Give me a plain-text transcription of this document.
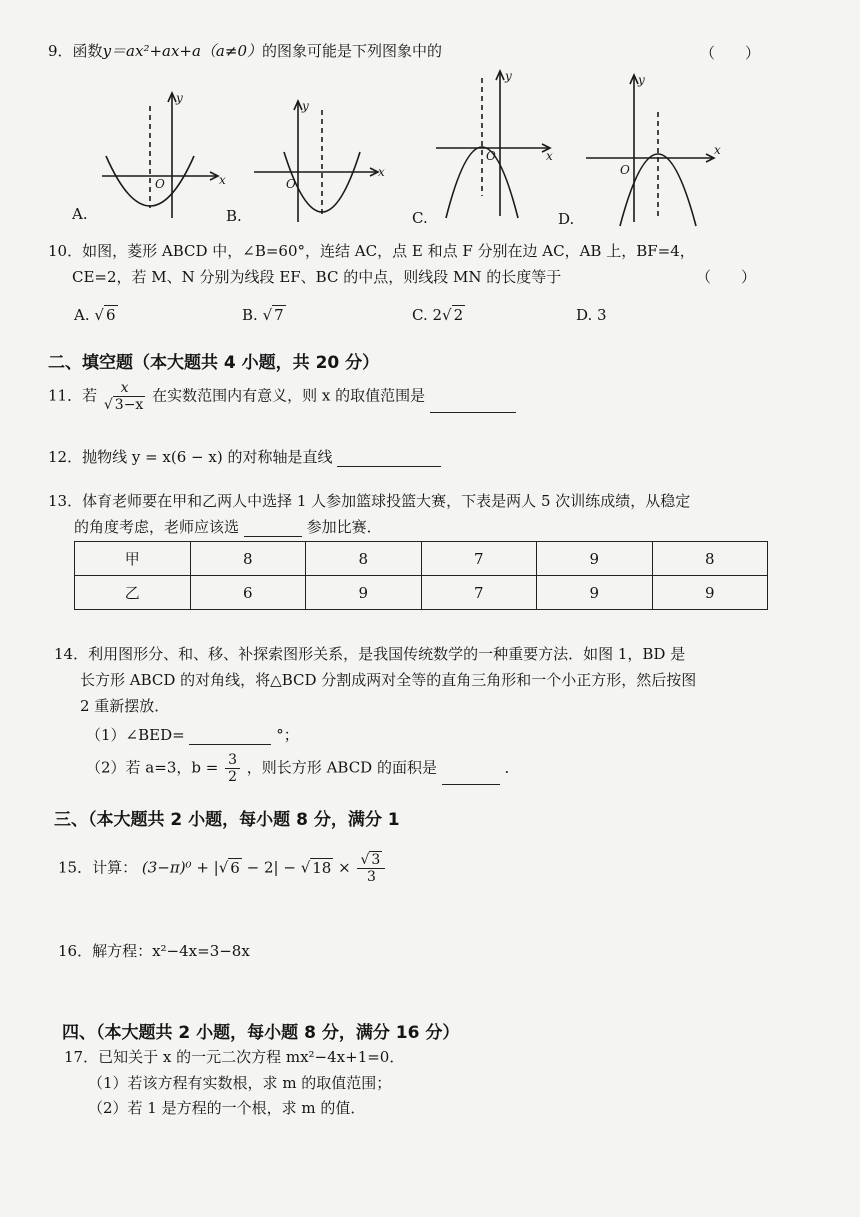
9．函数y＝ax²+ax+a（a≠0）的图象可能是下列图象中的	（　　）
x
y
O
A.
x
y
O
B.
x
y
O
C.
x
y
O
D.
10．如图，菱形 ABCD 中，∠B=60°，连结 AC，点 E 和点 F 分别在边 AC，AB 上，BF=4，
CE=2，若 M、N 分别为线段 EF、BC 的中点，则线段 MN 的长度等于	（　　）
A. √ 6	B. √ 7	C. 2√ 2	D. 3
二、填空题（本大题共 4 小题，共 20 分）
11．若 $\frac{x}{√ 3-x}$ 在实数范围内有意义，则 x 的取值范围是
12．抛物线 y = x(6 − x) 的对称轴是直线
13．体育老师要在甲和乙两人中选择 1 人参加篮球投篮大赛，下表是两人 5 次训练成绩，从稳定
的角度考虑，老师应该选	参加比赛．
甲	8	8	7	9	8
乙	6	9	7	9	9
14．利用图形分、和、移、补探索图形关系，是我国传统数学的一种重要方法．如图 1，BD 是
长方形 ABCD 的对角线，将△BCD 分割成两对全等的直角三角形和一个小正方形，然后按图
2 重新摆放．
（1）∠BED=	°；
（2）若 a=3，$b = \frac{3}{2}$ ，则长方形 ABCD 的面积是	．
三、（本大题共 2 小题，每小题 8 分，满分 1
15．计算： (3−π)⁰ + |√ 6 − 2| − √ $18 \times \frac{√ 3}{3}$
16．解方程：x²−4x=3−8x
四、（本大题共 2 小题，每小题 8 分，满分 16 分）
17．已知关于 x 的一元二次方程 mx²−4x+1=0．
（1）若该方程有实数根，求 m 的取值范围；
（2）若 1 是方程的一个根，求 m 的值．
